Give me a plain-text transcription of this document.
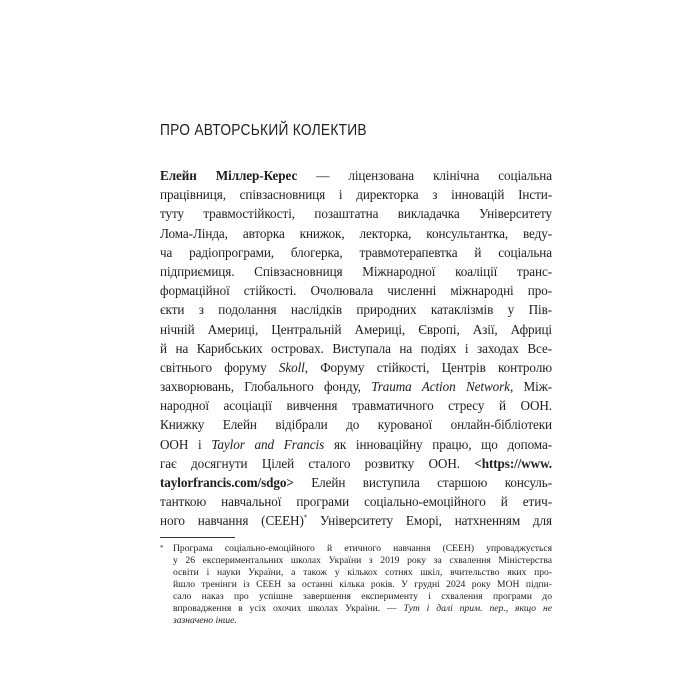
ПРО АВТОРСЬКИЙ КОЛЕКТИВ
Елейн Міллер-Керес — ліцензована клінічна соціальна
працівниця, співзасновниця і директорка з інновацій Інсти-
туту травмостійкості, позаштатна викладачка Університету
Лома-Лінда, авторка книжок, лекторка, консультантка, веду-
ча радіопрограми, блогерка, травмотерапевтка й соціальна
підприємиця. Співзасновниця Міжнародної коаліції транс-
формаційної стійкості. Очолювала численні міжнародні про-
єкти з подолання наслідків природних катаклізмів у Пів-
нічній Америці, Центральній Америці, Європі, Азії, Африці
й на Карибських островах. Виступала на подіях і заходах Все-
світнього форуму Skoll, Форуму стійкості, Центрів контролю
захворювань, Глобального фонду, Trauma Action Network, Між-
народної асоціації вивчення травматичного стресу й ООН.
Книжку Елейн відібрали до курованої онлайн-бібліотеки
ООН і Taylor and Francis як інноваційну працю, що допома-
гає досягнути Цілей сталого розвитку ООН. <https://www.
taylorfrancis.com/sdgo> Елейн виступила старшою консуль-
танткою навчальної програми соціально-емоційного й етич-
ного навчання (СЕЕН)* Університету Еморі, натхненням для
* Програма соціально-емоційного й етичного навчання (СЕЕН) упроваджується
у 26 експериментальних школах України з 2019 року за схвалення Міністерства
освіти і науки України, а також у кількох сотнях шкіл, вчительство яких про-
йшло тренінги із СЕЕН за останні кілька років. У грудні 2024 року МОН підпи-
сало наказ про успішне завершення експерименту і схвалення програми до
впровадження в усіх охочих школах України. — Тут і далі прим. пер., якщо не
зазначено інше.
